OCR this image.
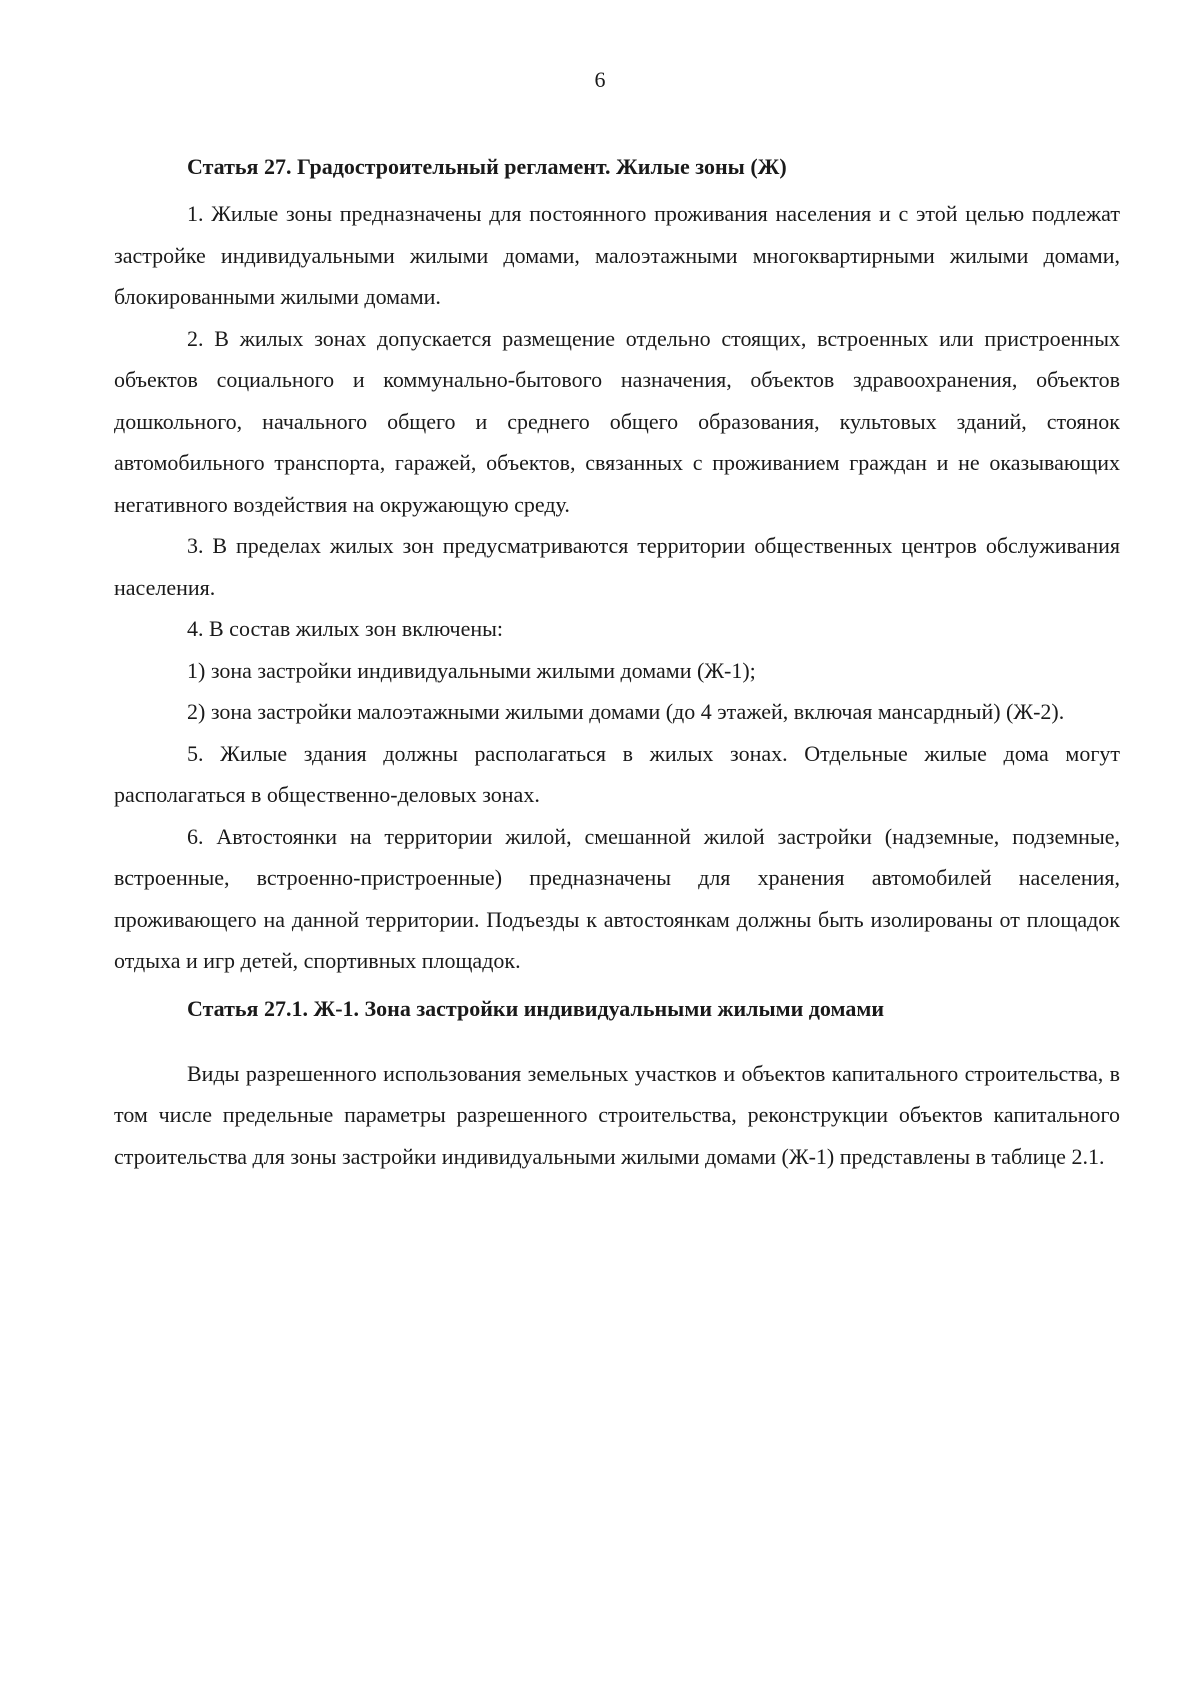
6
Статья 27. Градостроительный регламент. Жилые зоны (Ж)

1. Жилые зоны предназначены для постоянного проживания населения и с этой целью подлежат застройке индивидуальными жилыми домами, малоэтажными многоквартирными жилыми домами, блокированными жилыми домами.

2. В жилых зонах допускается размещение отдельно стоящих, встроенных или пристроенных объектов социального и коммунально-бытового назначения, объектов здравоохранения, объектов дошкольного, начального общего и среднего общего образования, культовых зданий, стоянок автомобильного транспорта, гаражей, объектов, связанных с проживанием граждан и не оказывающих негативного воздействия на окружающую среду.

3. В пределах жилых зон предусматриваются территории общественных центров обслуживания населения.

4. В состав жилых зон включены:

1) зона застройки индивидуальными жилыми домами (Ж-1);

2) зона застройки малоэтажными жилыми домами (до 4 этажей, включая мансардный) (Ж-2).

5. Жилые здания должны располагаться в жилых зонах. Отдельные жилые дома могут располагаться в общественно-деловых зонах.

6. Автостоянки на территории жилой, смешанной жилой застройки (надземные, подземные, встроенные, встроенно-пристроенные) предназначены для хранения автомобилей населения, проживающего на данной территории. Подъезды к автостоянкам должны быть изолированы от площадок отдыха и игр детей, спортивных площадок.

Статья 27.1. Ж-1. Зона застройки индивидуальными жилыми домами

Виды разрешенного использования земельных участков и объектов капитального строительства, в том числе предельные параметры разрешенного строительства, реконструкции объектов капитального строительства для зоны застройки индивидуальными жилыми домами (Ж-1) представлены в таблице 2.1.
